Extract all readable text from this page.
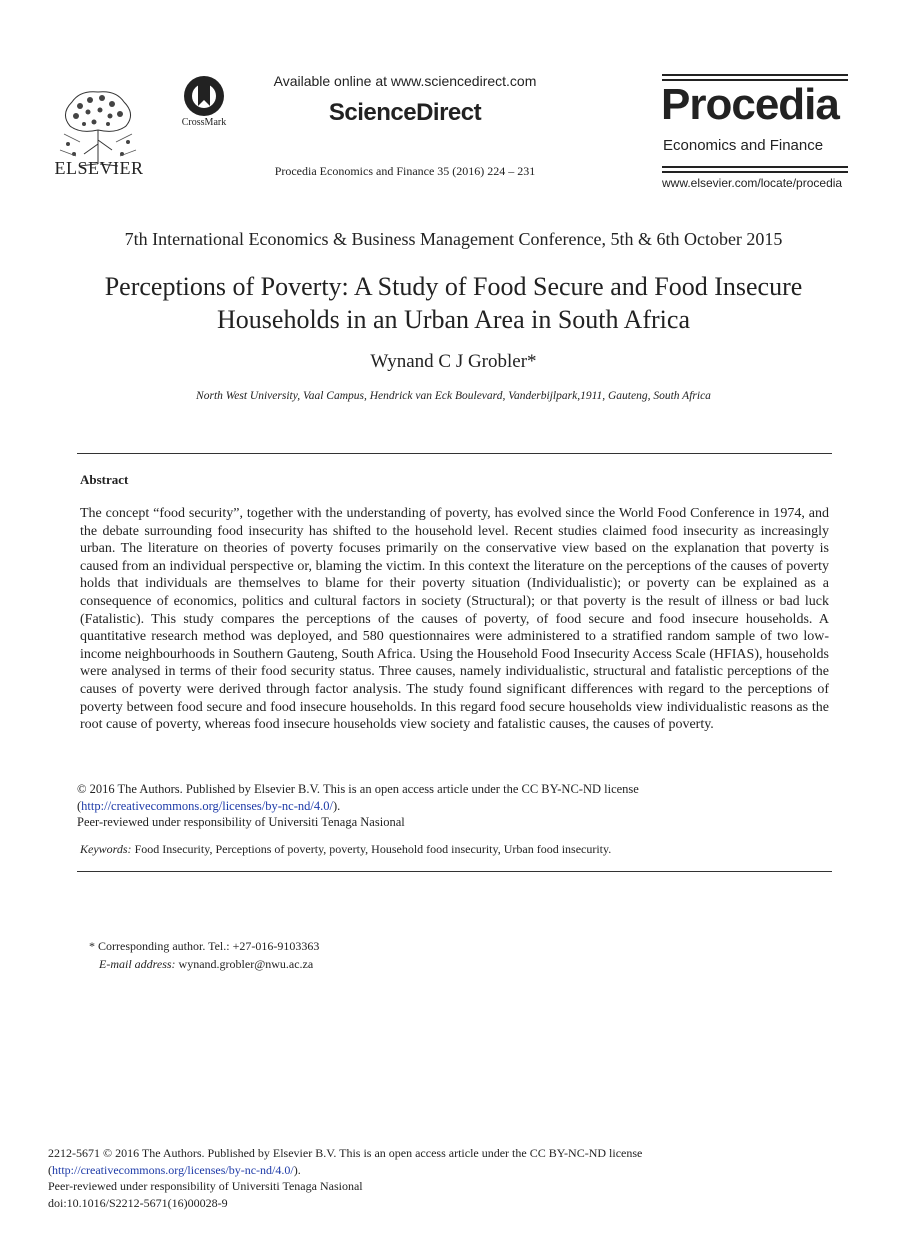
ELSEVIER
CrossMark
Available online at www.sciencedirect.com
ScienceDirect
Procedia Economics and Finance 35 (2016) 224 – 231
Procedia
Economics and Finance
www.elsevier.com/locate/procedia
7th International Economics & Business Management Conference, 5th & 6th October 2015
Perceptions of Poverty: A Study of Food Secure and Food Insecure
Households in an Urban Area in South Africa
Wynand C J Grobler*
North West University, Vaal Campus, Hendrick van Eck Boulevard, Vanderbijlpark,1911, Gauteng, South Africa
Abstract
The concept “food security”, together with the understanding of poverty, has evolved since the World Food Conference in 1974, and the debate surrounding food insecurity has shifted to the household level. Recent studies claimed food insecurity as increasingly urban. The literature on theories of poverty focuses primarily on the conservative view based on the explanation that poverty is caused from an individual perspective or, blaming the victim. In this context the literature on the perceptions of the causes of poverty holds that individuals are themselves to blame for their poverty situation (Individualistic); or poverty can be explained as a consequence of economics, politics and cultural factors in society (Structural); or that poverty is the result of illness or bad luck (Fatalistic). This study compares the perceptions of the causes of poverty, of food secure and food insecure households. A quantitative research method was deployed, and 580 questionnaires were administered to a stratified random sample of two low-income neighbourhoods in Southern Gauteng, South Africa. Using the Household Food Insecurity Access Scale (HFIAS), households were analysed in terms of their food security status. Three causes, namely individualistic, structural and fatalistic perceptions of the causes of poverty were derived through factor analysis. The study found significant differences with regard to the perceptions of poverty between food secure and food insecure households. In this regard food secure households view individualistic reasons as the root cause of poverty, whereas food insecure households view society and fatalistic causes, the causes of poverty.
© 2016 The Authors. Published by Elsevier B.V. This is an open access article under the CC BY-NC-ND license
(http://creativecommons.org/licenses/by-nc-nd/4.0/).
Peer-reviewed under responsibility of Universiti Tenaga Nasional
Keywords: Food Insecurity, Perceptions of poverty, poverty, Household food insecurity, Urban food insecurity.
* Corresponding author. Tel.: +27-016-9103363
E-mail address: wynand.grobler@nwu.ac.za
2212-5671 © 2016 The Authors. Published by Elsevier B.V. This is an open access article under the CC BY-NC-ND license
(http://creativecommons.org/licenses/by-nc-nd/4.0/).
Peer-reviewed under responsibility of Universiti Tenaga Nasional
doi:10.1016/S2212-5671(16)00028-9
